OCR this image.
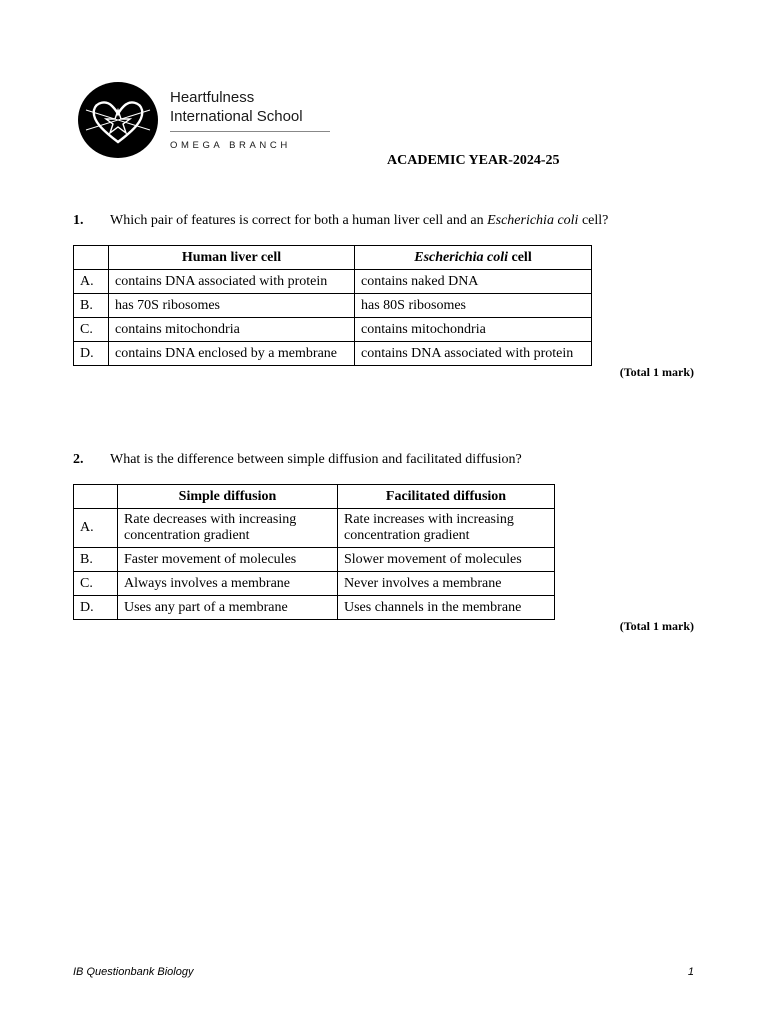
Heartfulness
International School
OMEGA BRANCH
ACADEMIC YEAR-2024-25
1. Which pair of features is correct for both a human liver cell and an Escherichia coli cell?
	Human liver cell	Escherichia coli cell
A.	contains DNA associated with protein	contains naked DNA
B.	has 70S ribosomes	has 80S ribosomes
C.	contains mitochondria	contains mitochondria
D.	contains DNA enclosed by a membrane	contains DNA associated with protein
(Total 1 mark)
2. What is the difference between simple diffusion and facilitated diffusion?
	Simple diffusion	Facilitated diffusion
A.	Rate decreases with increasing concentration gradient	Rate increases with increasing concentration gradient
B.	Faster movement of molecules	Slower movement of molecules
C.	Always involves a membrane	Never involves a membrane
D.	Uses any part of a membrane	Uses channels in the membrane
(Total 1 mark)
IB Questionbank Biology	1
